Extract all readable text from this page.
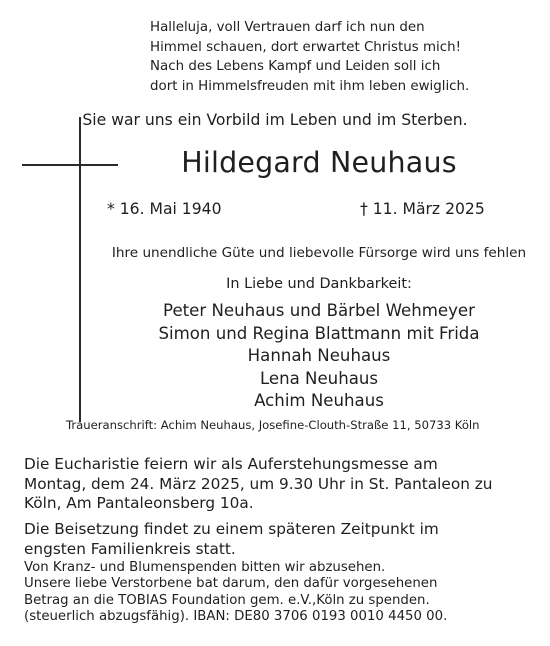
Halleluja, voll Vertrauen darf ich nun den
Himmel schauen, dort erwartet Christus mich!
Nach des Lebens Kampf und Leiden soll ich
dort in Himmelsfreuden mit ihm leben ewiglich.
Sie war uns ein Vorbild im Leben und im Sterben.
Hildegard Neuhaus
* 16. Mai 1940	† 11. März 2025
Ihre unendliche Güte und liebevolle Fürsorge wird uns fehlen
In Liebe und Dankbarkeit:
Peter Neuhaus und Bärbel Wehmeyer
Simon und Regina Blattmann mit Frida
Hannah Neuhaus
Lena Neuhaus
Achim Neuhaus
Traueranschrift: Achim Neuhaus, Josefine-Clouth-Straße 11, 50733 Köln
Die Eucharistie feiern wir als Auferstehungsmesse am
Montag, dem 24. März 2025, um 9.30 Uhr in St. Pantaleon zu
Köln, Am Pantaleonsberg 10a.
Die Beisetzung findet zu einem späteren Zeitpunkt im
engsten Familienkreis statt.
Von Kranz- und Blumenspenden bitten wir abzusehen.
Unsere liebe Verstorbene bat darum, den dafür vorgesehenen
Betrag an die TOBIAS Foundation gem. e.V.,Köln zu spenden.
(steuerlich abzugsfähig). IBAN: DE80 3706 0193 0010 4450 00.
